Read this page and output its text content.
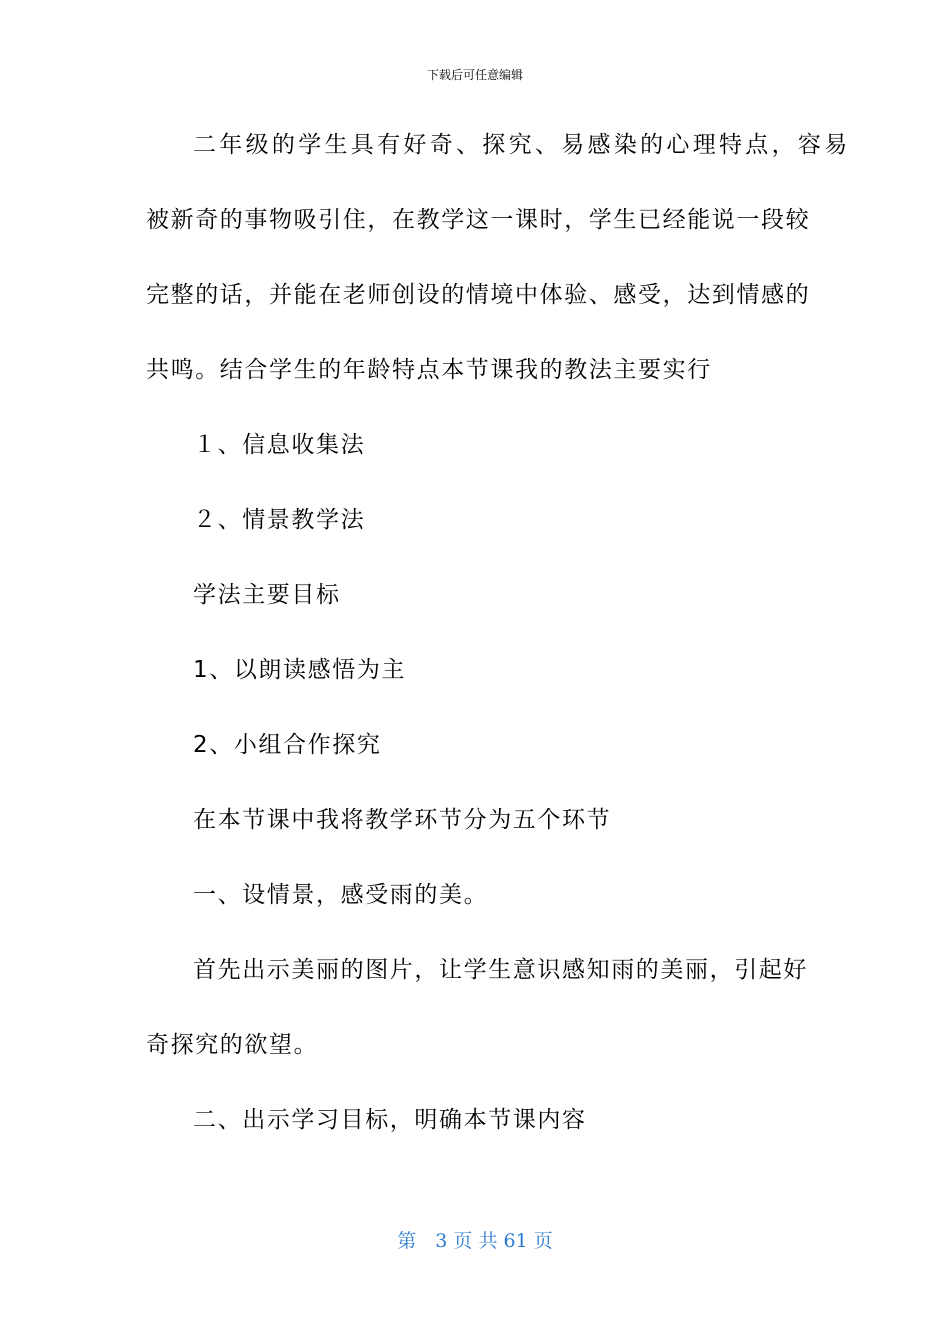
下载后可任意编辑
二年级的学生具有好奇、探究、易感染的心理特点，容易
被新奇的事物吸引住，在教学这一课时，学生已经能说一段较
完整的话，并能在老师创设的情境中体验、感受，达到情感的
共鸣。结合学生的年龄特点本节课我的教法主要实行
１、信息收集法
２、情景教学法
学法主要目标
1、以朗读感悟为主
2、小组合作探究
在本节课中我将教学环节分为五个环节
一、设情景，感受雨的美。
首先出示美丽的图片，让学生意识感知雨的美丽，引起好
奇探究的欲望。
二、出示学习目标，明确本节课内容
第　3 页 共 61 页
